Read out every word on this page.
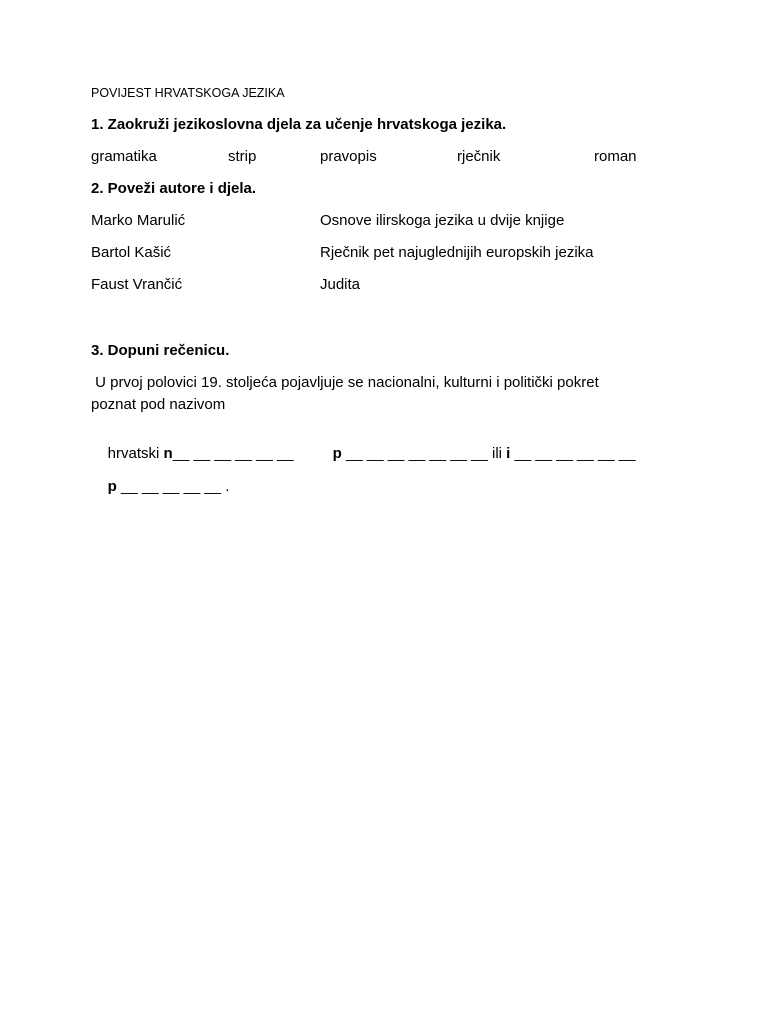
POVIJEST HRVATSKOGA JEZIKA
1. Zaokruži jezikoslovna djela za učenje hrvatskoga jezika.
gramatika	strip	pravopis	rječnik	roman
2. Poveži autore i djela.
Marko Marulić	Osnove ilirskoga jezika u dvije knjige
Bartol Kašić	Rječnik pet najuglednijih europskih jezika
Faust Vrančić	Judita
3. Dopuni rečenicu.
U prvoj polovici 19. stoljeća pojavljuje se nacionalni, kulturni i politički pokret
poznat pod nazivom

hrvatski n__ __ __ __ __ __
	p __ __ __ __ __ __ __ ili i __ __ __ __ __ __

p __ __ __ __ __ .
